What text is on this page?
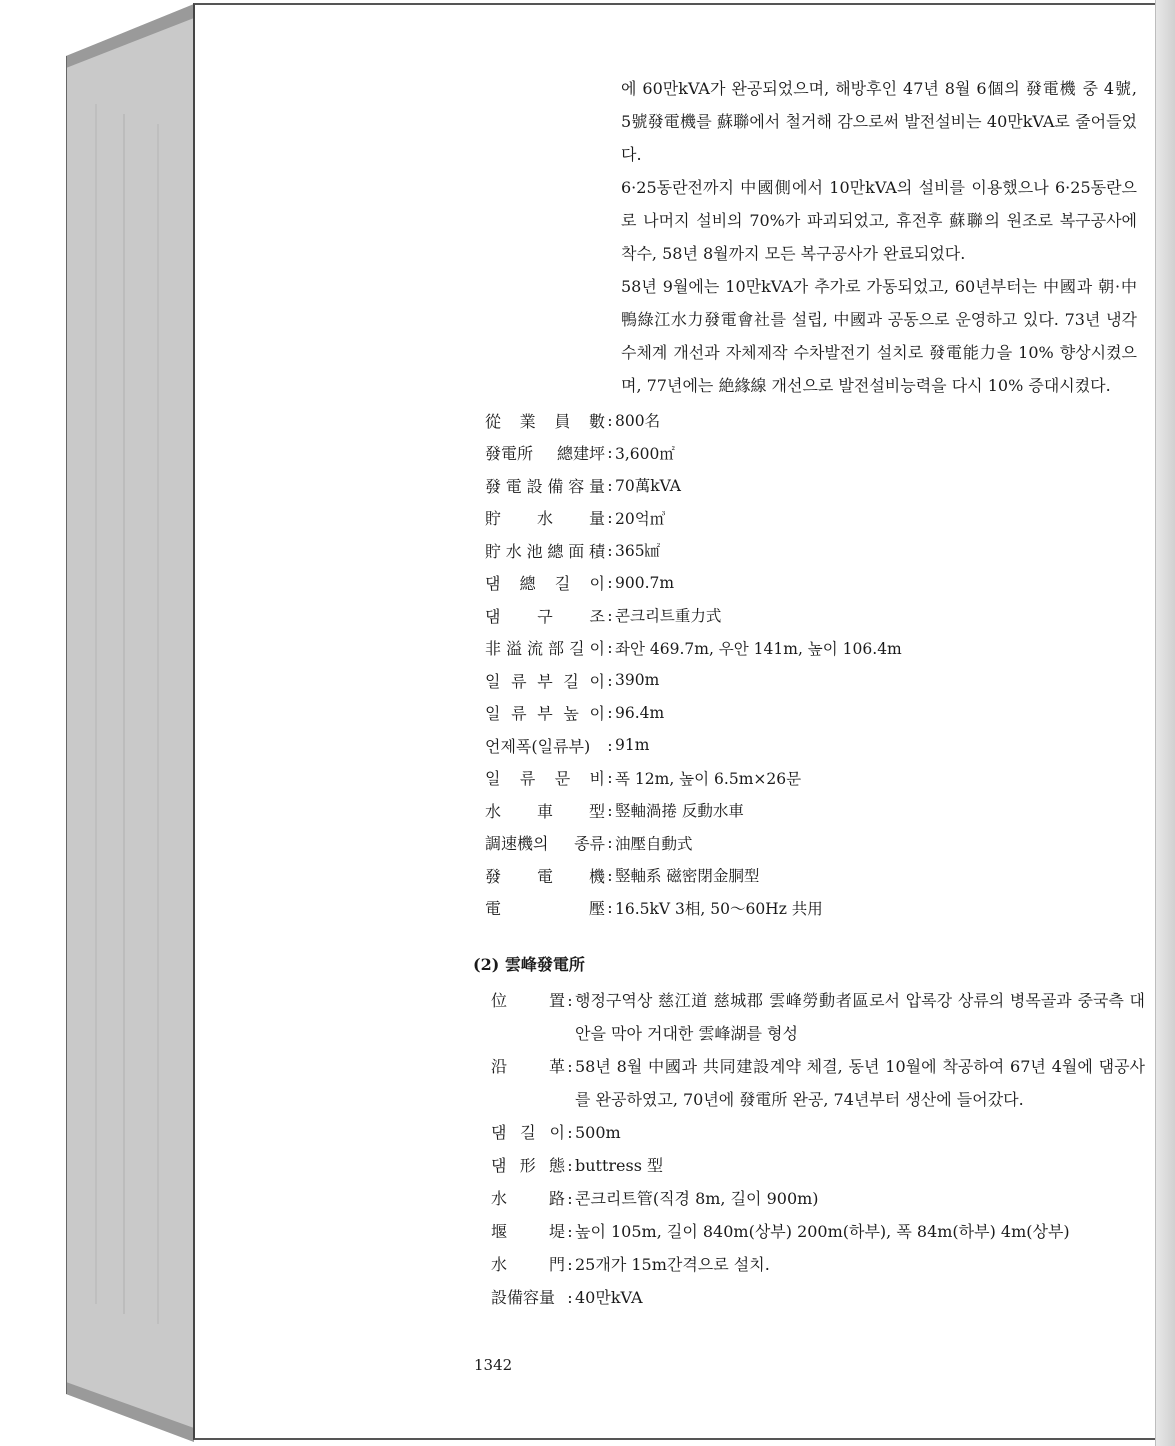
에 60만kVA가 완공되었으며, 해방후인 47년 8월 6個의 發電機 중 4號, 5號發電機를 蘇聯에서 철거해 감으로써 발전설비는 40만kVA로 줄어들었다.

6·25동란전까지 中國側에서 10만kVA의 설비를 이용했으나 6·25동란으로 나머지 설비의 70%가 파괴되었고, 휴전후 蘇聯의 원조로 복구공사에 착수, 58년 8월까지 모든 복구공사가 완료되었다.

58년 9월에는 10만kVA가 추가로 가동되었고, 60년부터는 中國과 朝·中 鴨綠江水力發電會社를 설립, 中國과 공동으로 운영하고 있다. 73년 냉각수체계 개선과 자체제작 수차발전기 설치로 發電能力을 10% 향상시켰으며, 77년에는 絶緣線 개선으로 발전설비능력을 다시 10% 증대시켰다.

從 業 員 數 : 800名
發電所 總建坪 : 3,600㎡
發 電 設 備 容 量 : 70萬kVA
貯 水 量 : 20억㎥
貯 水 池 總 面 積 : 365㎢
댐 總 길 이 : 900.7m
댐 구 조 : 콘크리트重力式
非 溢 流 部 길 이 : 좌안 469.7m, 우안 141m, 높이 106.4m
일 류 부 길 이 : 390m
일 류 부 높 이 : 96.4m
언제폭(일류부) : 91m
일 류 문 비 : 폭 12m, 높이 6.5m×26문
水 車 型 : 竪軸渦捲 反動水車
調速機의 종류 : 油壓自動式
發 電 機 : 竪軸系 磁密閉金胴型
電	壓 : 16.5kV 3相, 50～60Hz 共用
(2) 雲峰發電所
位	置 : 행정구역상 慈江道 慈城郡 雲峰勞動者區로서 압록강 상류의 병목골과 중국측 대안을 막아 거대한 雲峰湖를 형성
沿	革 : 58년 8월 中國과 共同建設계약 체결, 동년 10월에 착공하여 67년 4월에 댐공사를 완공하였고, 70년에 發電所 완공, 74년부터 생산에 들어갔다.
댐 길 이 : 500m
댐 形 態 : buttress 型
水	路 : 콘크리트管(직경 8m, 길이 900m)
堰	堤 : 높이 105m, 길이 840m(상부) 200m(하부), 폭 84m(하부) 4m(상부)
水	門 : 25개가 15m간격으로 설치.
設備容量 : 40만kVA
1342
